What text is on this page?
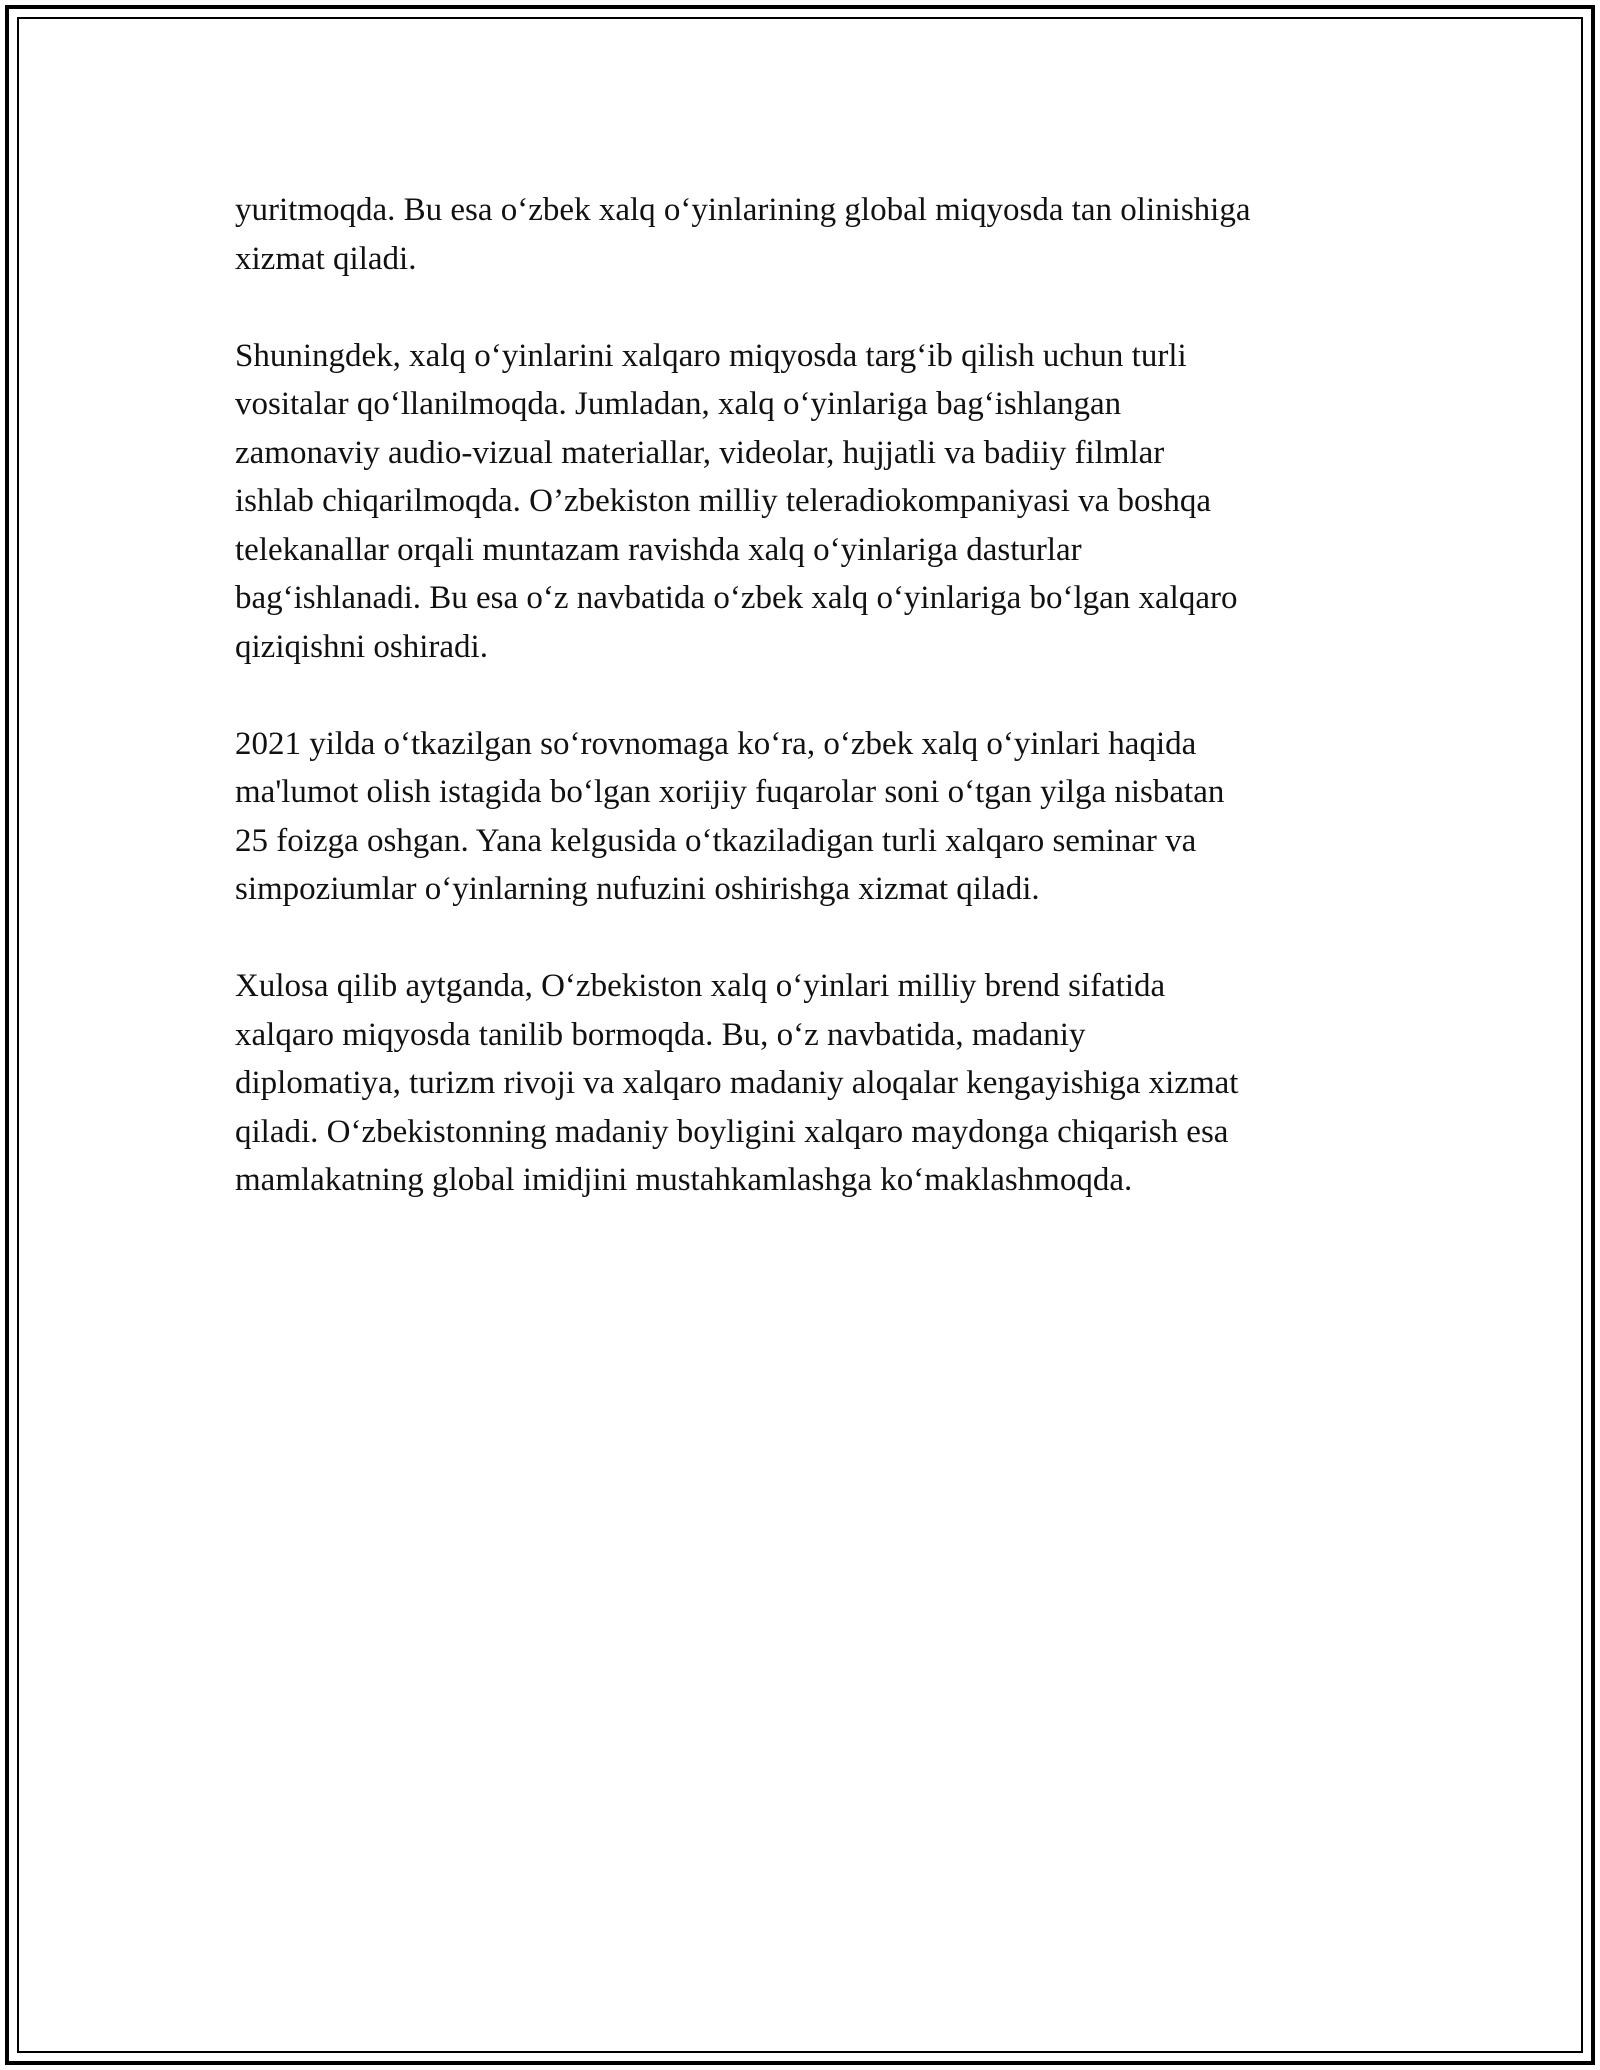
yuritmoqda. Bu esa oʻzbek xalq oʻyinlarining global miqyosda tan olinishiga
xizmat qiladi.

Shuningdek, xalq oʻyinlarini xalqaro miqyosda targʻib qilish uchun turli
vositalar qoʻllanilmoqda. Jumladan, xalq oʻyinlariga bagʻishlangan
zamonaviy audio-vizual materiallar, videolar, hujjatli va badiiy filmlar
ishlab chiqarilmoqda. O’zbekiston milliy teleradiokompaniyasi va boshqa
telekanallar orqali muntazam ravishda xalq oʻyinlariga dasturlar
bagʻishlanadi. Bu esa oʻz navbatida oʻzbek xalq oʻyinlariga boʻlgan xalqaro
qiziqishni oshiradi.

2021 yilda oʻtkazilgan soʻrovnomaga koʻra, oʻzbek xalq oʻyinlari haqida
ma'lumot olish istagida boʻlgan xorijiy fuqarolar soni oʻtgan yilga nisbatan
25 foizga oshgan. Yana kelgusida oʻtkaziladigan turli xalqaro seminar va
simpoziumlar oʻyinlarning nufuzini oshirishga xizmat qiladi.

Xulosa qilib aytganda, Oʻzbekiston xalq oʻyinlari milliy brend sifatida
xalqaro miqyosda tanilib bormoqda. Bu, oʻz navbatida, madaniy
diplomatiya, turizm rivoji va xalqaro madaniy aloqalar kengayishiga xizmat
qiladi. Oʻzbekistonning madaniy boyligini xalqaro maydonga chiqarish esa
mamlakatning global imidjini mustahkamlashga koʻmaklashmoqda.
